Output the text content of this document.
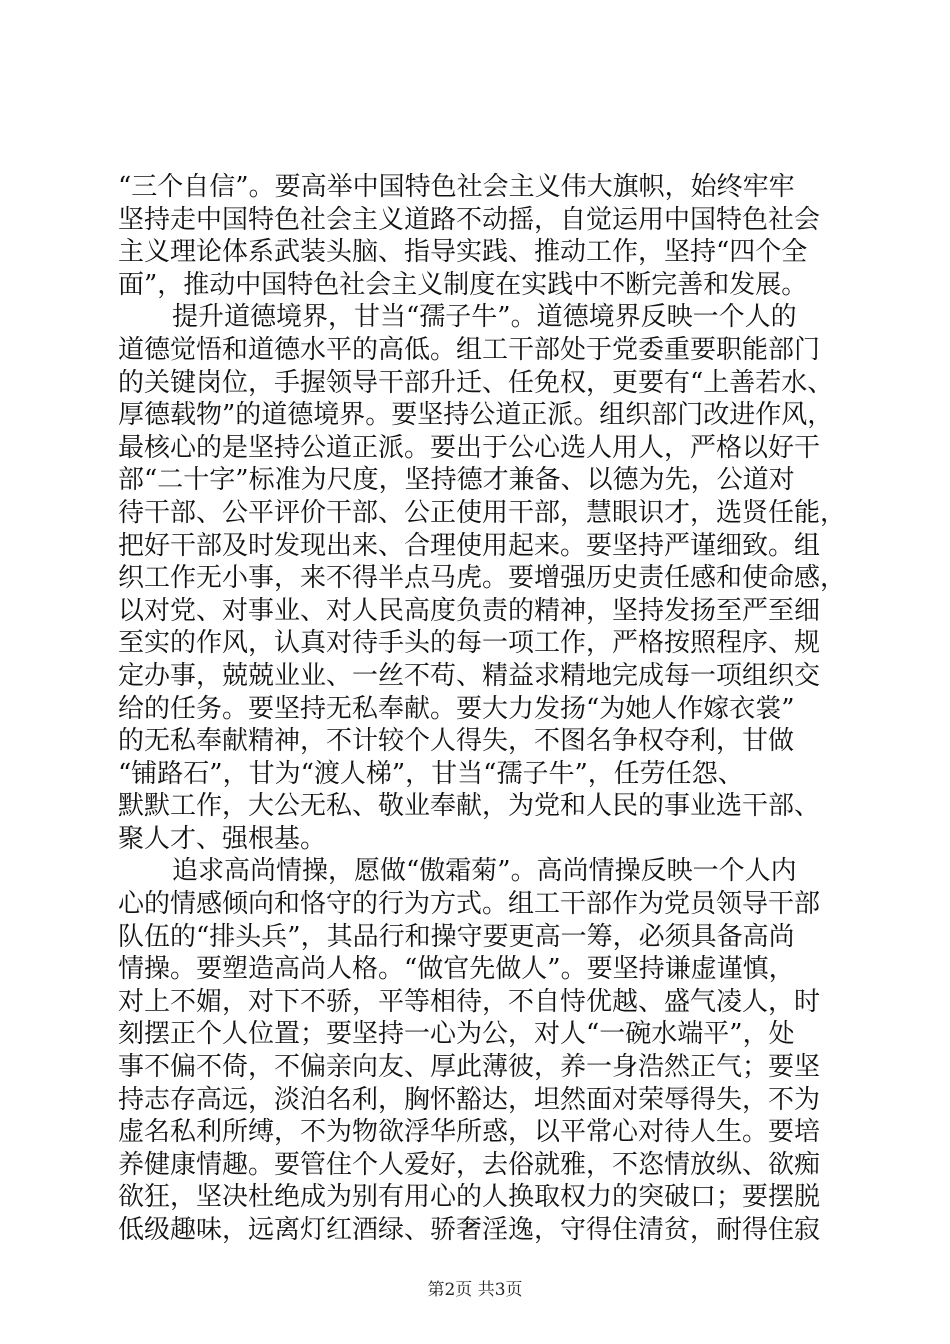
“三个自信”。要高举中国特色社会主义伟大旗帜，始终牢牢
坚持走中国特色社会主义道路不动摇，自觉运用中国特色社会
主义理论体系武装头脑、指导实践、推动工作，坚持“四个全
面”，推动中国特色社会主义制度在实践中不断完善和发展。
提升道德境界，甘当“孺子牛”。道德境界反映一个人的
道德觉悟和道德水平的高低。组工干部处于党委重要职能部门
的关键岗位，手握领导干部升迁、任免权，更要有“上善若水、
厚德载物”的道德境界。要坚持公道正派。组织部门改进作风，
最核心的是坚持公道正派。要出于公心选人用人，严格以好干
部“二十字”标准为尺度，坚持德才兼备、以德为先，公道对
待干部、公平评价干部、公正使用干部，慧眼识才，选贤任能，
把好干部及时发现出来、合理使用起来。要坚持严谨细致。组
织工作无小事，来不得半点马虎。要增强历史责任感和使命感，
以对党、对事业、对人民高度负责的精神，坚持发扬至严至细
至实的作风，认真对待手头的每一项工作，严格按照程序、规
定办事，兢兢业业、一丝不苟、精益求精地完成每一项组织交
给的任务。要坚持无私奉献。要大力发扬“为她人作嫁衣裳”
的无私奉献精神，不计较个人得失，不图名争权夺利，甘做
“铺路石”，甘为“渡人梯”，甘当“孺子牛”，任劳任怨、
默默工作，大公无私、敬业奉献，为党和人民的事业选干部、
聚人才、强根基。
追求高尚情操，愿做“傲霜菊”。高尚情操反映一个人内
心的情感倾向和恪守的行为方式。组工干部作为党员领导干部
队伍的“排头兵”，其品行和操守要更高一筹，必须具备高尚
情操。要塑造高尚人格。“做官先做人”。要坚持谦虚谨慎，
对上不媚，对下不骄，平等相待，不自恃优越、盛气凌人，时
刻摆正个人位置；要坚持一心为公，对人“一碗水端平”，处
事不偏不倚，不偏亲向友、厚此薄彼，养一身浩然正气；要坚
持志存高远，淡泊名利，胸怀豁达，坦然面对荣辱得失，不为
虚名私利所缚，不为物欲浮华所惑，以平常心对待人生。要培
养健康情趣。要管住个人爱好，去俗就雅，不恣情放纵、欲痴
欲狂，坚决杜绝成为别有用心的人换取权力的突破口；要摆脱
低级趣味，远离灯红酒绿、骄奢淫逸，守得住清贫，耐得住寂
第2页 共3页
